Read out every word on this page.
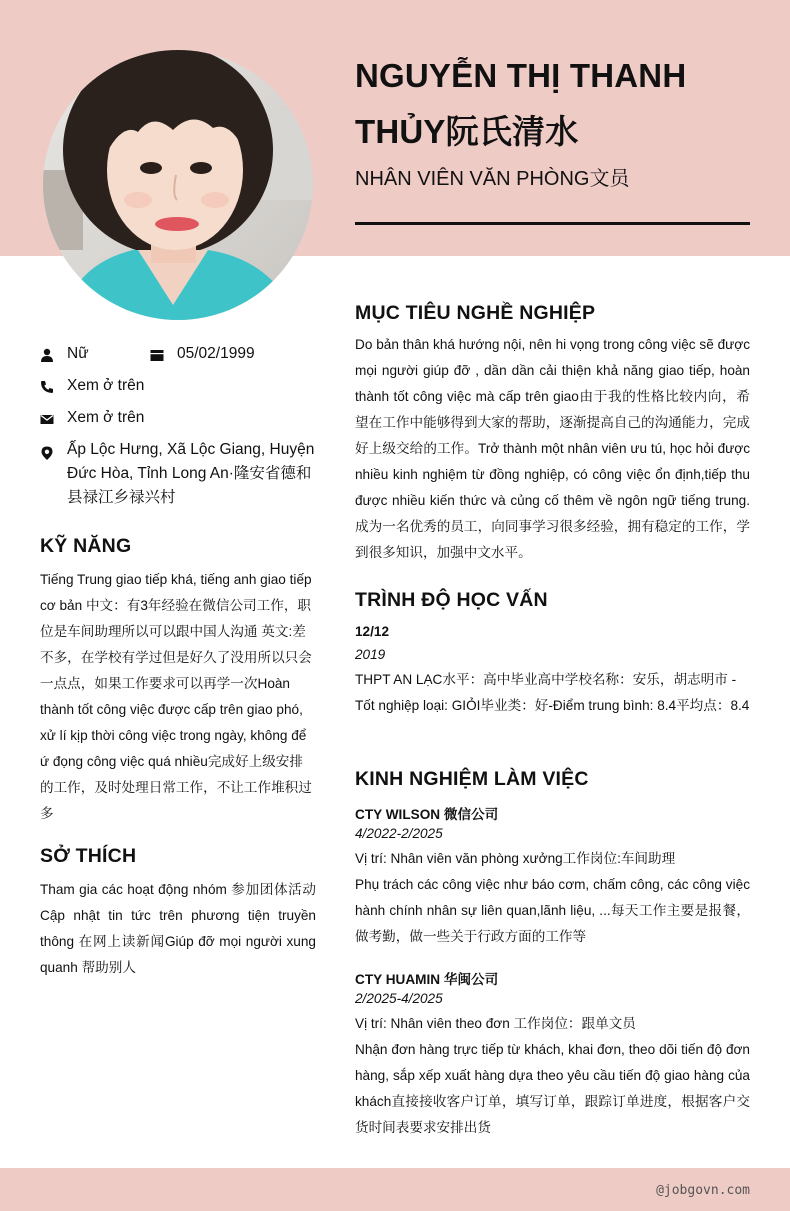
NGUYỄN THỊ THANH THỦY阮氏清水
NHÂN VIÊN VĂN PHÒNG文员
Nữ	05/02/1999
Xem ở trên
Xem ở trên
Ấp Lộc Hưng, Xã Lộc Giang, Huyện Đức Hòa, Tỉnh Long An·隆安省德和县禄江乡禄兴村
KỸ NĂNG
Tiếng Trung giao tiếp khá, tiếng anh giao tiếp cơ bản 中文：有3年经验在微信公司工作，职位是车间助理所以可以跟中国人沟通 英文:差不多，在学校有学过但是好久了没用所以只会一点点，如果工作要求可以再学一次Hoàn thành tốt công việc được cấp trên giao phó, xử lí kịp thời công việc trong ngày, không để ứ đọng công việc quá nhiều完成好上级安排的工作，及时处理日常工作，不让工作堆积过多
SỞ THÍCH
Tham gia các hoạt động nhóm 参加团体活动Cập nhật tin tức trên phương tiện truyền thông 在网上读新闻Giúp đỡ mọi người xung quanh 帮助别人
MỤC TIÊU NGHỀ NGHIỆP
Do bản thân khá hướng nội, nên hi vọng trong công việc sẽ được mọi người giúp đỡ , dần dần cải thiện khả năng giao tiếp, hoàn thành tốt công việc mà cấp trên giao由于我的性格比较内向，希望在工作中能够得到大家的帮助，逐渐提高自己的沟通能力，完成好上级交给的工作。Trở thành một nhân viên ưu tú, học hỏi được nhiều kinh nghiệm từ đồng nghiệp, có công việc ổn định,tiếp thu được nhiều kiến thức và củng cố thêm về ngôn ngữ tiếng trung.成为一名优秀的员工，向同事学习很多经验，拥有稳定的工作，学到很多知识，加强中文水平。
TRÌNH ĐỘ HỌC VẤN
12/12
2019
THPT AN LẠC水平：高中毕业高中学校名称：安乐，胡志明市 -Tốt nghiệp loại: GIỎI毕业类：好-Điểm trung bình: 8.4平均点：8.4
KINH NGHIỆM LÀM VIỆC
CTY WILSON 微信公司
4/2022-2/2025
Vị trí: Nhân viên văn phòng xưởng工作岗位:车间助理
Phụ trách các công việc như báo cơm, chấm công, các công việc hành chính nhân sự liên quan,lãnh liệu, ...每天工作主要是报餐，做考勤，做一些关于行政方面的工作等
CTY HUAMIN 华闽公司
2/2025-4/2025
Vị trí: Nhân viên theo đơn 工作岗位：跟单文员
Nhận đơn hàng trực tiếp từ khách, khai đơn, theo dõi tiến độ đơn hàng, sắp xếp xuất hàng dựa theo yêu cầu tiến độ giao hàng của khách直接接收客户订单，填写订单，跟踪订单进度，根据客户交货时间表要求安排出货
@jobgovn.com
